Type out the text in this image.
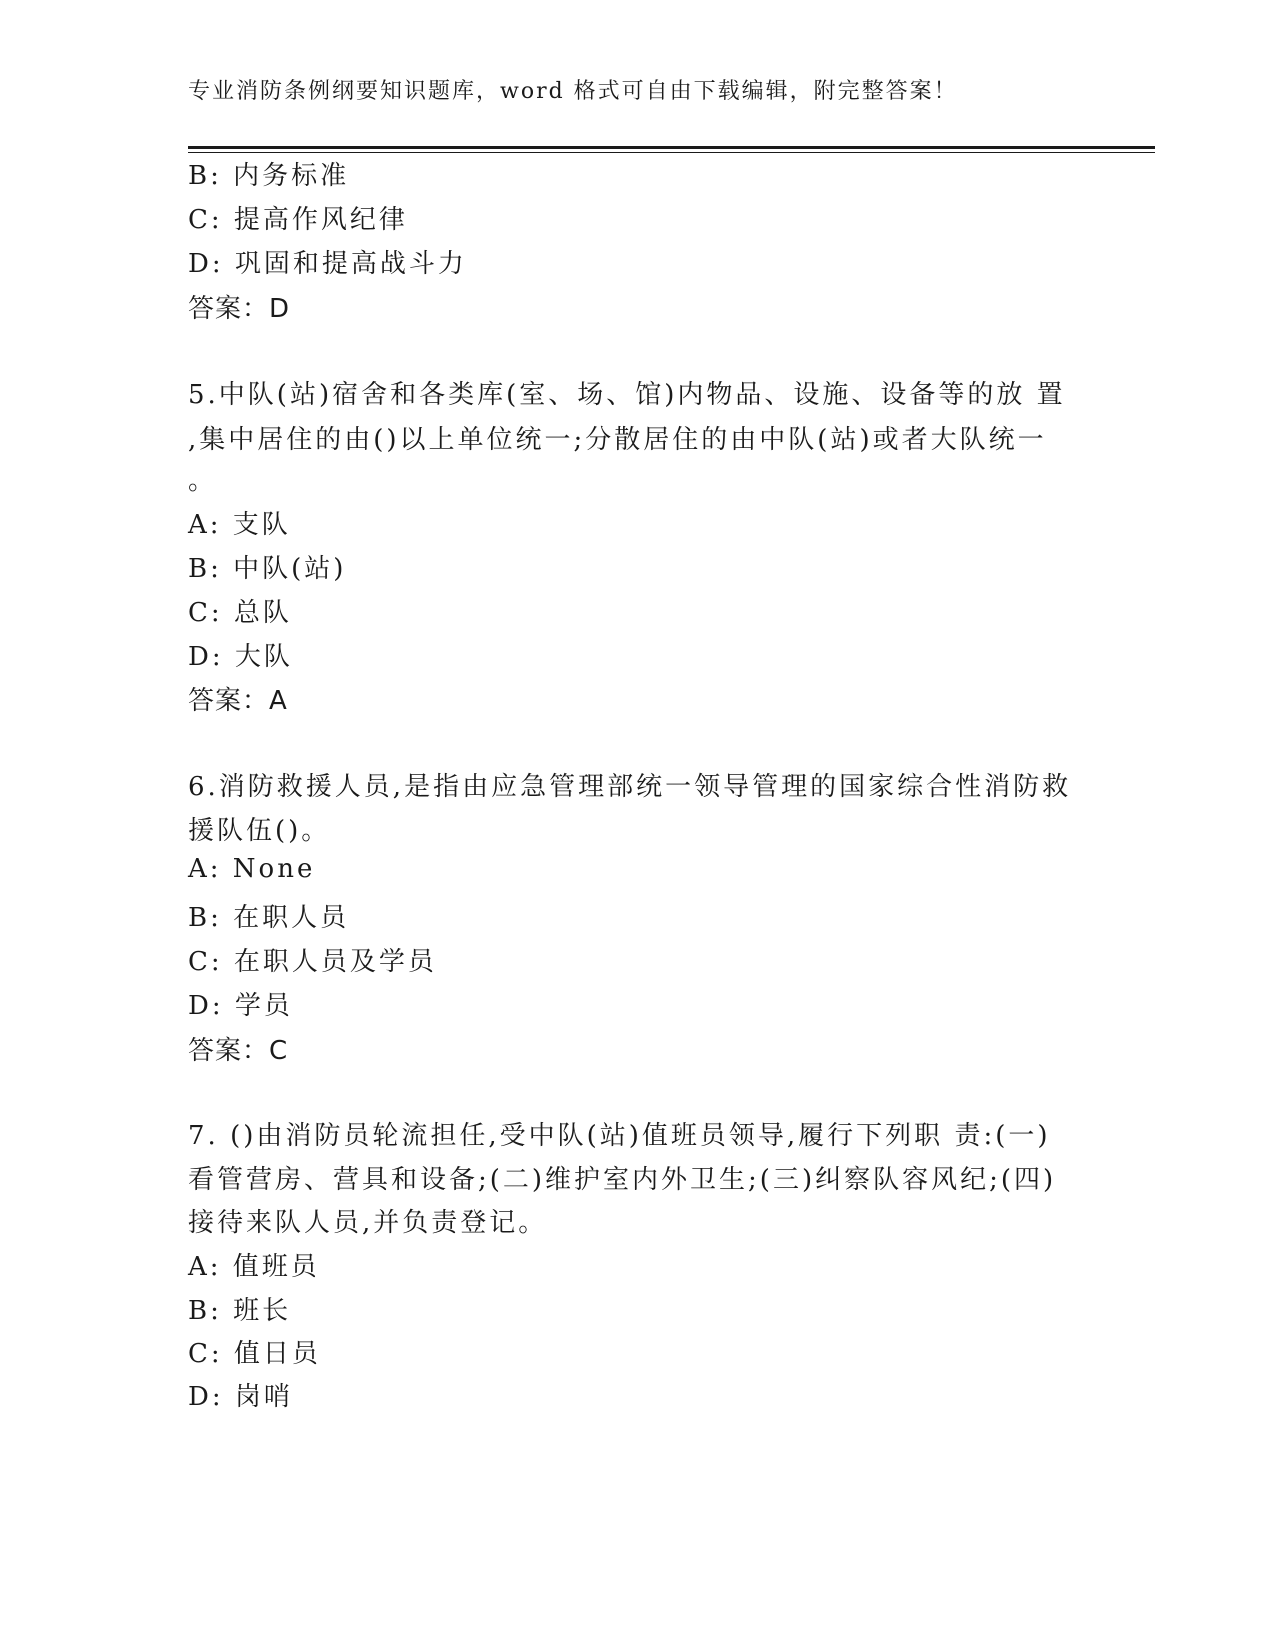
专业消防条例纲要知识题库，word 格式可自由下载编辑，附完整答案！
B: 内务标准
C: 提高作风纪律
D: 巩固和提高战斗力
答案：D
5.中队(站)宿舍和各类库(室、场、馆)内物品、设施、设备等的放 置
,集中居住的由()以上单位统一;分散居住的由中队(站)或者大队统一
。
A: 支队
B: 中队(站)
C: 总队
D: 大队
答案：A
6.消防救援人员,是指由应急管理部统一领导管理的国家综合性消防救
援队伍()。
A: None
B: 在职人员
C: 在职人员及学员
D: 学员
答案：C
7. ()由消防员轮流担任,受中队(站)值班员领导,履行下列职 责:(一)
看管营房、营具和设备;(二)维护室内外卫生;(三)纠察队容风纪;(四)
接待来队人员,并负责登记。
A: 值班员
B: 班长
C: 值日员
D: 岗哨
